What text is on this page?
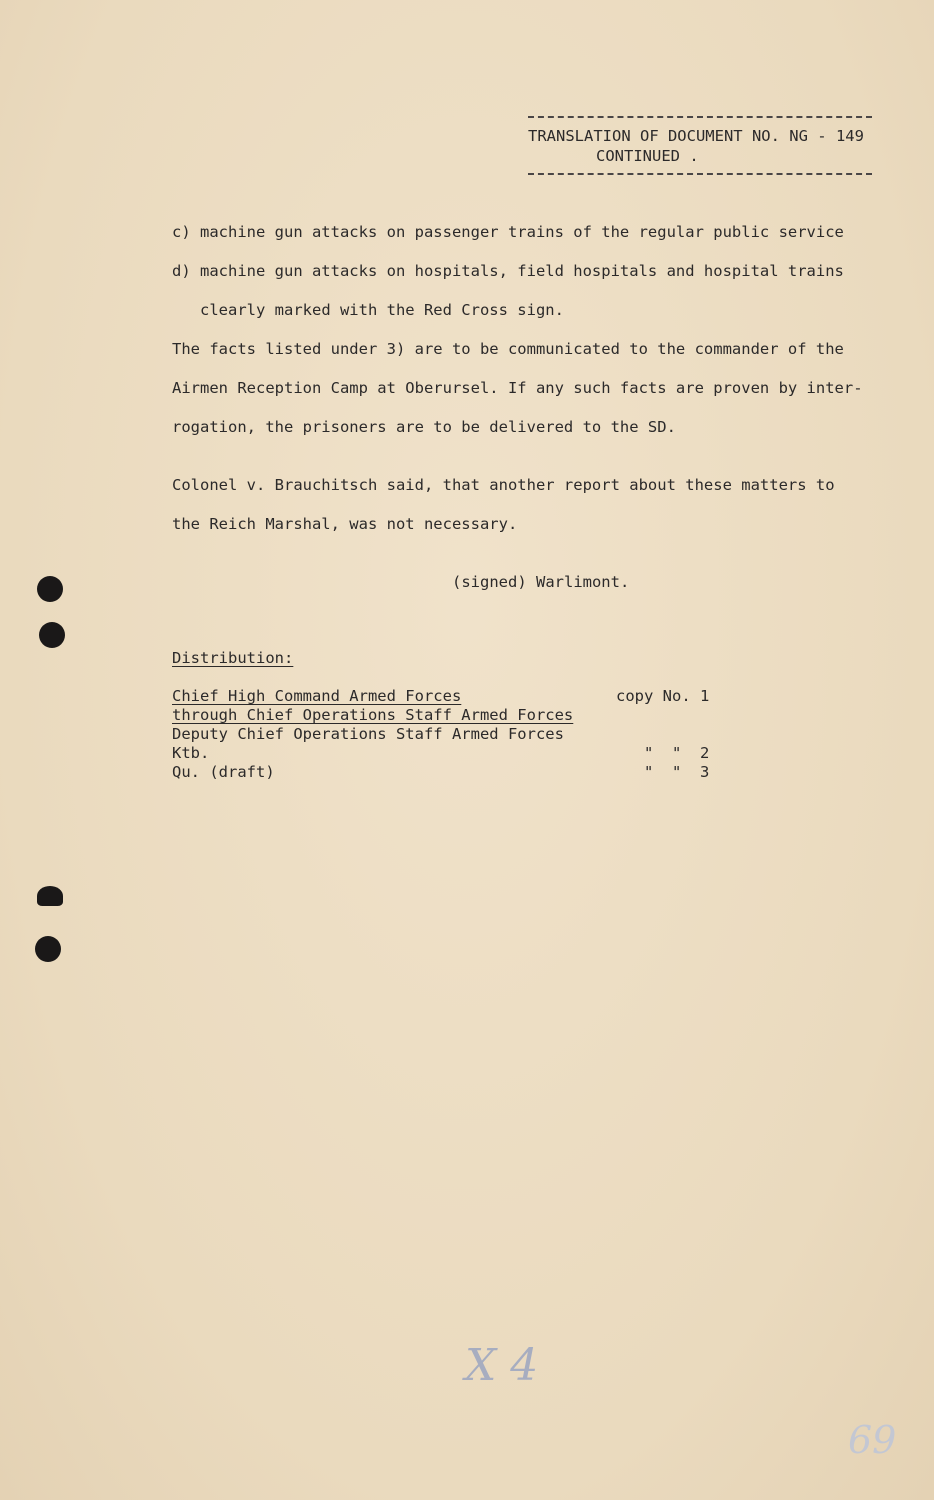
TRANSLATION OF DOCUMENT NO. NG - 149
CONTINUED .
c) machine gun attacks on passenger trains of the regular public service
d) machine gun attacks on hospitals, field hospitals and hospital trains
clearly marked with the Red Cross sign.
The facts listed under 3) are to be communicated to the commander of the
Airmen Reception Camp at Oberursel. If any such facts are proven by inter-
rogation, the prisoners are to be delivered to the SD.
Colonel v. Brauchitsch said, that another report about these matters to
the Reich Marshal, was not necessary.
(signed) Warlimont.
Distribution:
Chief High Command Armed Forces	copy No. 1
through Chief Operations Staff Armed Forces
Deputy Chief Operations Staff Armed Forces
Ktb.	"  "  2
Qu. (draft)	"  "  3
X 4
69
